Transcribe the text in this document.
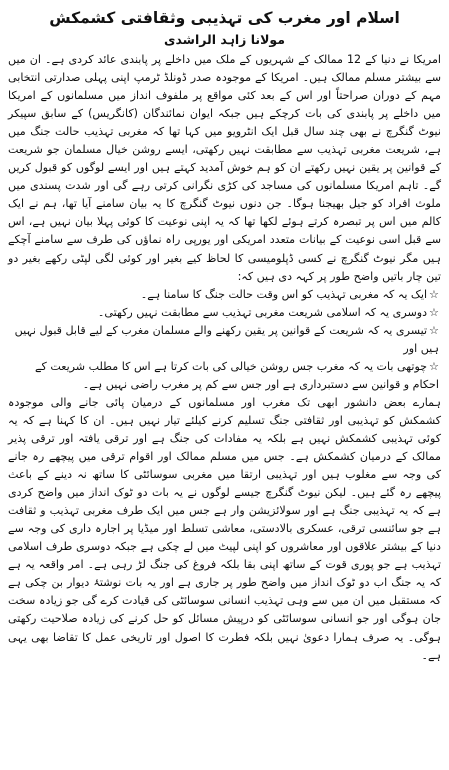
اسلام اور مغرب کی تہذیبی وثقافتی کشمکش
مولانا زاہد الراشدی

امریکا نے دنیا کے 12 ممالک کے شہریوں کے ملک میں داخلے پر پابندی عائد کردی ہے۔ ان میں سے بیشتر مسلم ممالک ہیں۔ امریکا کے موجودہ صدر ڈونلڈ ٹرمپ اپنی پہلی صدارتی انتخابی مہم کے دوران صراحتاً اور اس کے بعد کئی مواقع پر ملفوف انداز میں مسلمانوں کے امریکا میں داخلے پر پابندی کی بات کرچکے ہیں جبکہ ایوان نمائندگان (کانگریس) کے سابق سپیکر نیوٹ گنگرچ نے بھی چند سال قبل ایک انٹرویو میں کہا تھا کہ مغربی تہذیب حالت جنگ میں ہے، شریعت مغربی تہذیب سے مطابقت نہیں رکھتی، ایسے روشن خیال مسلمان جو شریعت کے قوانین پر یقین نہیں رکھتے ان کو ہم خوش آمدید کہتے ہیں اور ایسے لوگوں کو قبول کریں گے۔ تاہم امریکا مسلمانوں کی مساجد کی کڑی نگرانی کرتی رہے گی اور شدت پسندی میں ملوث افراد کو جیل بھیجنا ہوگا۔ جن دنوں نیوٹ گنگرچ کا یہ بیان سامنے آیا تھا، ہم نے ایک کالم میں اس پر تبصرہ کرتے ہوئے لکھا تھا کہ یہ اپنی نوعیت کا کوئی پہلا بیان نہیں ہے، اس سے قبل اسی نوعیت کے بیانات متعدد امریکی اور یورپی راہ نماؤں کی طرف سے سامنے آچکے ہیں مگر نیوٹ گنگرچ نے کسی ڈپلومیسی کا لحاظ کیے بغیر اور کوئی لگی لپٹی رکھے بغیر دو تین چار باتیں واضح طور پر کہہ دی ہیں کہ:

☆ایک یہ کہ مغربی تہذیب کو اس وقت حالت جنگ کا سامنا ہے۔

☆دوسری یہ کہ اسلامی شریعت مغربی تہذیب سے مطابقت نہیں رکھتی۔

☆تیسری یہ کہ شریعت کے قوانین پر یقین رکھنے والے مسلمان مغرب کے لیے قابل قبول نہیں ہیں اور

☆چوتھی بات یہ کہ مغرب جس روشن خیالی کی بات کرتا ہے اس کا مطلب شریعت کے احکام و قوانین سے دستبرداری ہے اور جس سے کم پر مغرب راضی نہیں ہے۔

ہمارے بعض دانشور ابھی تک مغرب اور مسلمانوں کے درمیان پائی جانے والی موجودہ کشمکش کو تہذیبی اور ثقافتی جنگ تسلیم کرنے کیلئے تیار نہیں ہیں۔ ان کا کہنا ہے کہ یہ کوئی تہذیبی کشمکش نہیں ہے بلکہ یہ مفادات کی جنگ ہے اور ترقی یافتہ اور ترقی پذیر ممالک کے درمیان کشمکش ہے۔ جس میں مسلم ممالک اور اقوام ترقی میں پیچھے رہ جانے کی وجہ سے مغلوب ہیں اور تہذیبی ارتقا میں مغربی سوسائٹی کا ساتھ نہ دینے کے باعث پیچھے رہ گئے ہیں۔ لیکن نیوٹ گنگرچ جیسے لوگوں نے یہ بات دو ٹوک انداز میں واضح کردی ہے کہ یہ تہذیبی جنگ ہے اور سولائزیشن وار ہے جس میں ایک طرف مغربی تہذیب و ثقافت ہے جو سائنسی ترقی، عسکری بالادستی، معاشی تسلط اور میڈیا پر اجارہ داری کی وجہ سے دنیا کے بیشتر علاقوں اور معاشروں کو اپنی لپیٹ میں لے چکی ہے جبکہ دوسری طرف اسلامی تہذیب ہے جو پوری قوت کے ساتھ اپنی بقا بلکہ فروغ کی جنگ لڑ رہی ہے۔ امر واقعہ یہ ہے کہ یہ جنگ اب دو ٹوک انداز میں واضح طور پر جاری ہے اور یہ بات نوشتۂ دیوار بن چکی ہے کہ مستقبل میں ان میں سے وہی تہذیب انسانی سوسائٹی کی قیادت کرے گی جو زیادہ سخت جان ہوگی اور جو انسانی سوسائٹی کو درپیش مسائل کو حل کرنے کی زیادہ صلاحیت رکھتی ہوگی۔ یہ صرف ہمارا دعویٰ نہیں بلکہ فطرت کا اصول اور تاریخی عمل کا تقاضا بھی یہی ہے۔
